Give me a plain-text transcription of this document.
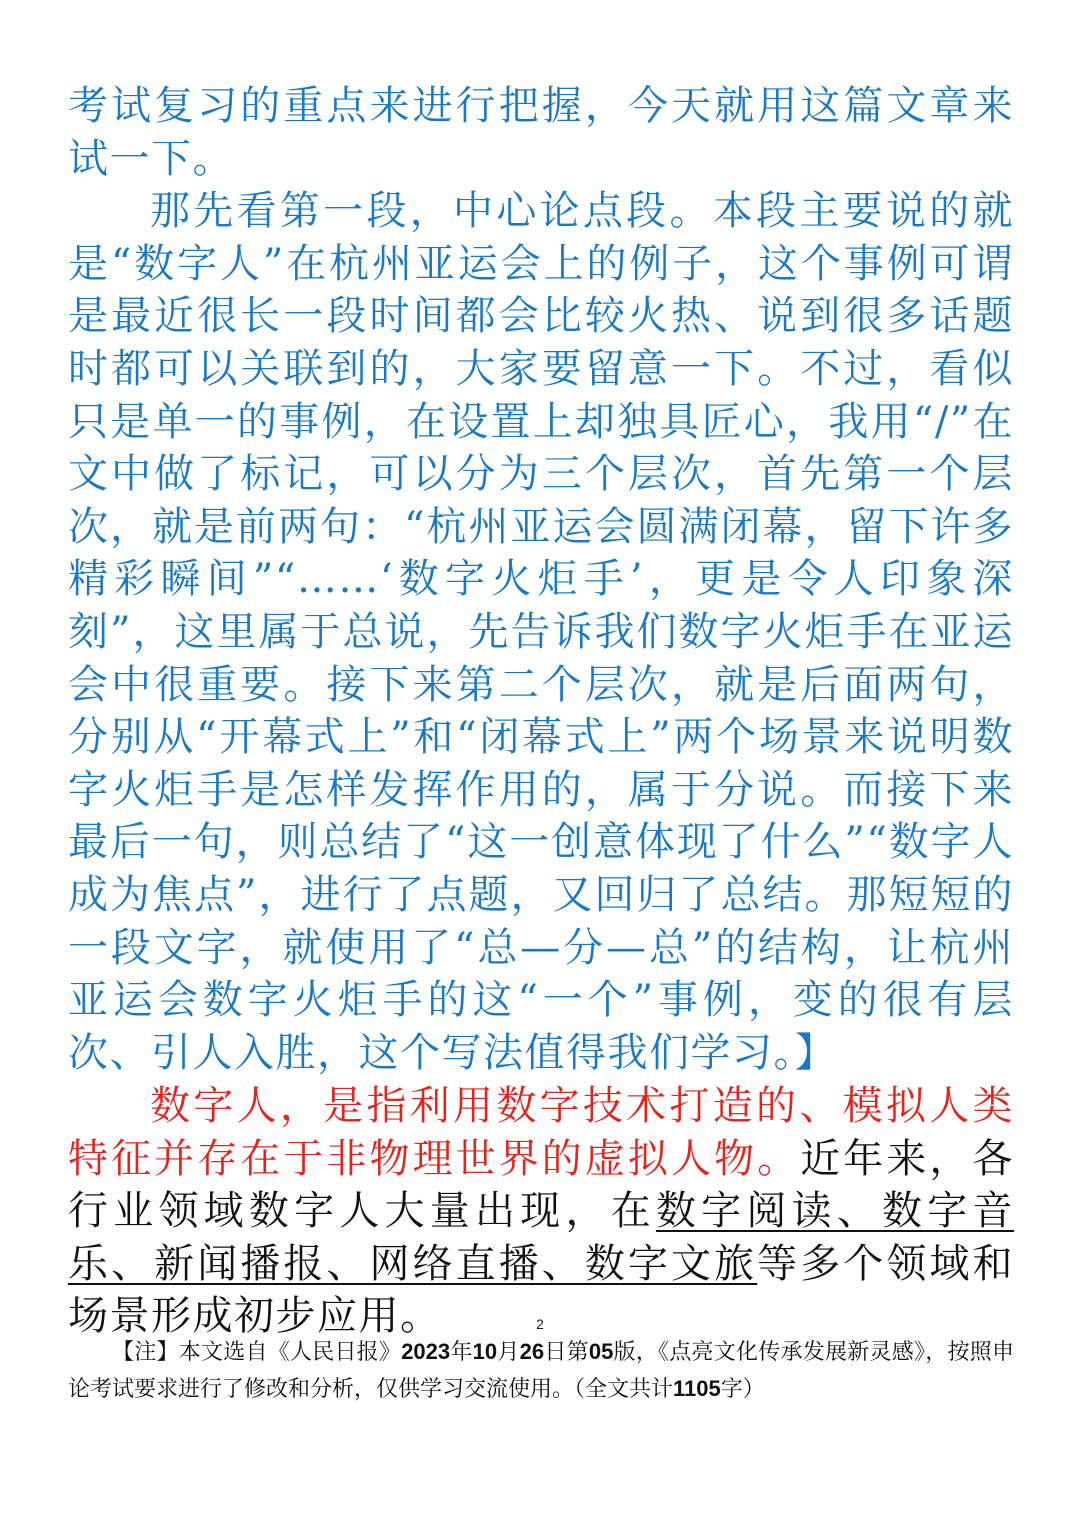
考试复习的重点来进行把握，今天就用这篇文章来试一下。

那先看第一段，中心论点段。本段主要说的就是“数字人”在杭州亚运会上的例子，这个事例可谓是最近很长一段时间都会比较火热、说到很多话题时都可以关联到的，大家要留意一下。不过，看似只是单一的事例，在设置上却独具匠心，我用“/”在文中做了标记，可以分为三个层次，首先第一个层次，就是前两句：“杭州亚运会圆满闭幕，留下许多精彩瞬间”“……‘数字火炬手’，更是令人印象深刻”，这里属于总说，先告诉我们数字火炬手在亚运会中很重要。接下来第二个层次，就是后面两句，分别从“开幕式上”和“闭幕式上”两个场景来说明数字火炬手是怎样发挥作用的，属于分说。而接下来最后一句，则总结了“这一创意体现了什么”“数字人成为焦点”，进行了点题，又回归了总结。那短短的一段文字，就使用了“总—分—总”的结构，让杭州亚运会数字火炬手的这“一个”事例，变的很有层次、引人入胜，这个写法值得我们学习。】

数字人，是指利用数字技术打造的、模拟人类特征并存在于非物理世界的虚拟人物。近年来，各行业领域数字人大量出现，在数字阅读、数字音乐、新闻播报、网络直播、数字文旅等多个领域和场景形成初步应用。	2
【注】本文选自《人民日报》2023年10月26日第05版，《点亮文化传承发展新灵感》，按照申论考试要求进行了修改和分析，仅供学习交流使用。（全文共计1105字）
